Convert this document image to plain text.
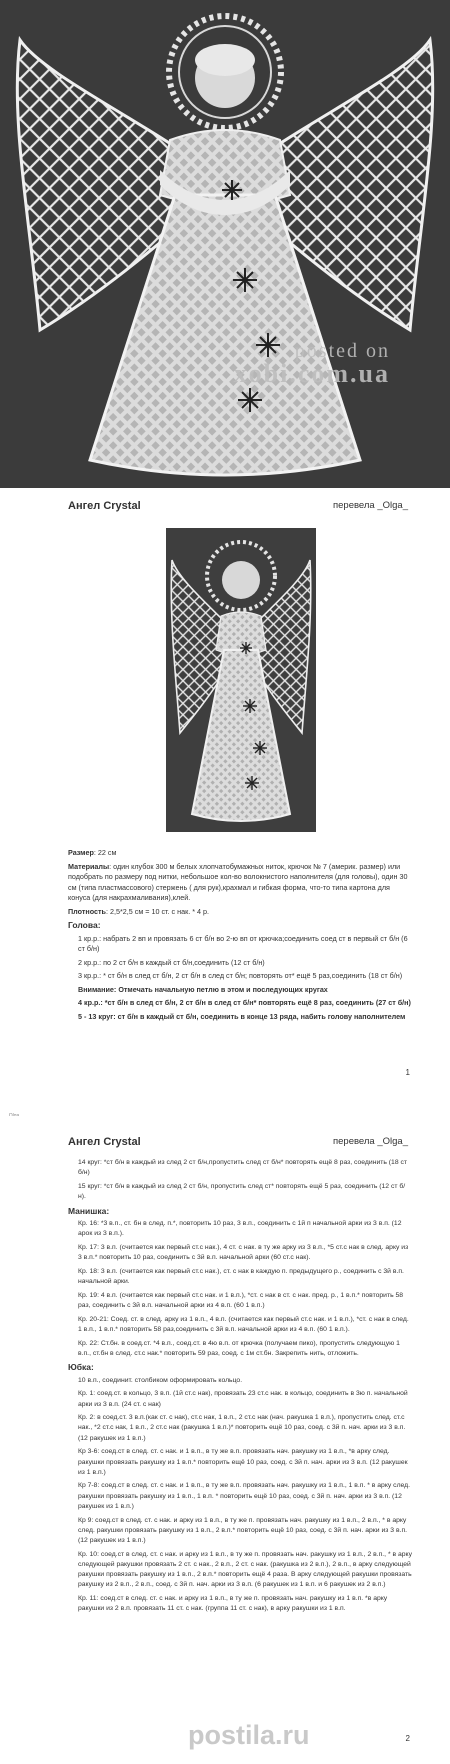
posted on
xobi.com.ua
Ангел Crystal	перевела _Olga_

Размер: 22 см

Материалы: один клубок 300 м белых хлопчатобумажных ниток, крючок № 7 (америк. размер) или подобрать по размеру под нитки, небольшое кол-во волокнистого наполнителя (для головы), один 30 см (типа пластмассового) стержень ( для рук),крахмал и гибкая форма, что-то типа картона для конуса (для накрахмаливания),клей.

Плотность: 2,5*2,5 см = 10 ст. с нак. * 4 р.

Голова:

1 кр.р.: набрать 2 вп и провязать 6 ст б/н во 2-ю вп от крючка;соединить соед ст в первый ст б/н (6 ст б/н)

2 кр.р.: по 2 ст б/н в каждый ст б/н,соединить (12 ст б/н)

3 кр.р.: * ст б/н в след ст б/н, 2 ст б/н в след ст б/н; повторять от* ещё 5 раз,соединить (18 ст б/н)

Внимание: Отмечать начальную петлю в этом и последующих кругах

4 кр.р.: *ст б/н в след ст б/н, 2 ст б/н в след ст б/н* повторять ещё 8 раз, соединить (27 ст б/н)

5 - 13 круг: ст б/н в каждый ст б/н, соединить в конце 13 ряда, набить голову наполнителем

1
Ангел Crystal	перевела _Olga_

14 круг: *ст б/н в каждый из след 2 ст б/н,пропустить след ст б/н* повторять ещё 8 раз, соединить (18 ст б/н)

15 круг: *ст б/н в каждый из след 2 ст б/н, пропустить след ст* повторять ещё 5 раз, соединить (12 ст б/н).

Манишка:

Кр. 16: *3 в.п., ст. бн в след. п.*, повторить 10 раз, 3 в.п., соединить с 1й п начальной арки из 3 в.п. (12 арок из 3 в.п.).

Кр. 17: 3 в.п. (считается как первый ст.с нак.), 4 ст. с нак. в ту же арку из 3 в.п., *5 ст.с нак в след. арку из 3 в.п.* повторить 10 раз, соединить с 3й в.п. начальной арки (60 ст.с нак).

Кр. 18: 3 в.п. (считается как первый ст.с нак.), ст. с нак в каждую п. предыдущего р., соединить с 3й в.п. начальной арки.

Кр. 19: 4 в.п. (считается как первый ст.с нак. и 1 в.п.), *ст. с нак в ст. с нак. пред. р., 1 в.п.* повторить 58 раз, соединить с 3й в.п. начальной арки из 4 в.п. (60 1 в.п.)

Кр. 20-21: Соед. ст. в след. арку из 1 в.п., 4 в.п. (считается как первый ст.с нак. и 1 в.п.), *ст. с нак в след. 1 в.п., 1 в.п.* повторить 58 раз,соединить с 3й в.п. начальной арки из 4 в.п. (60 1 в.п.).

Кр. 22: Ст.бн. в соед.ст. *4 в.п., соед.ст. в 4ю в.п. от крючка (получаем пико), пропустить следующую 1 в.п., ст.бн в след. ст.с нак.* повторить 59 раз, соед. с 1м ст.бн. Закрепить нить, отложить.

Юбка:

10 в.п., соединит. столбиком оформировать кольцо.

Кр. 1: соед.ст. в кольцо, 3 в.п. (1й ст.с нак), провязать 23 ст.с нак. в кольцо, соединить в 3ю п. начальной арки из 3 в.п. (24 ст. с нак)

Кр. 2: в соед.ст. 3 в.п.(как ст. с нак), ст.с нак, 1 в.п., 2 ст.с нак (нач. ракушка 1 в.п.), пропустить след. ст.с нак., *2 ст.с нак, 1 в.п., 2 ст.с нак (ракушка 1 в.п.)* повторить ещё 10 раз, соед. с 3й п. нач. арки из 3 в.п. (12 ракушек из 1 в.п.)

Кр 3-6: соед.ст в след. ст. с нак. и 1 в.п., в ту же в.п. провязать нач. ракушку из 1 в.п., *в арку след. ракушки провязать ракушку из 1 в.п.* повторить ещё 10 раз, соед. с 3й п. нач. арки из 3 в.п. (12 ракушек из 1 в.п.)

Кр 7-8: соед.ст в след. ст. с нак. и 1 в.п., в ту же в.п. провязать нач. ракушку из 1 в.п., 1 в.п. * в арку след. ракушки провязать ракушку из 1 в.п., 1 в.п. * повторить ещё 10 раз, соед. с 3й п. нач. арки из 3 в.п. (12 ракушек из 1 в.п.)

Кр 9: соед.ст в след. ст. с нак. и арку из 1 в.п., в ту же п. провязать нач. ракушку из 1 в.п., 2 в.п., * в арку след. ракушки провязать ракушку из 1 в.п., 2 в.п.* повторить ещё 10 раз, соед. с 3й п. нач. арки из 3 в.п. (12 ракушек из 1 в.п.)

Кр. 10: соед.ст в след. ст. с нак. и арку из 1 в.п., в ту же п. провязать нач. ракушку из 1 в.п., 2 в.п., * в арку следующей ракушки провязать 2 ст. с нак., 2 в.п., 2 ст. с нак. (ракушка из 2 в.п.), 2 в.п., в арку следующей ракушки провязать ракушку из 1 в.п., 2 в.п.* повторить ещё 4 раза. В арку следующей ракушки провязать ракушку из 2 в.п., 2 в.п., соед. с 3й п. нач. арки из 3 в.п. (6 ракушек из 1 в.п. и 6 ракушек из 2 в.п.)

Кр. 11: соед.ст в след. ст. с нак. и арку из 1 в.п., в ту же п. провязать нач. ракушку из 1 в.п. *в арку ракушки из 2 в.п. провязать 11 ст. с нак. (группа 11 ст. с нак), в арку ракушки из 1 в.п.

postila.ru	2
